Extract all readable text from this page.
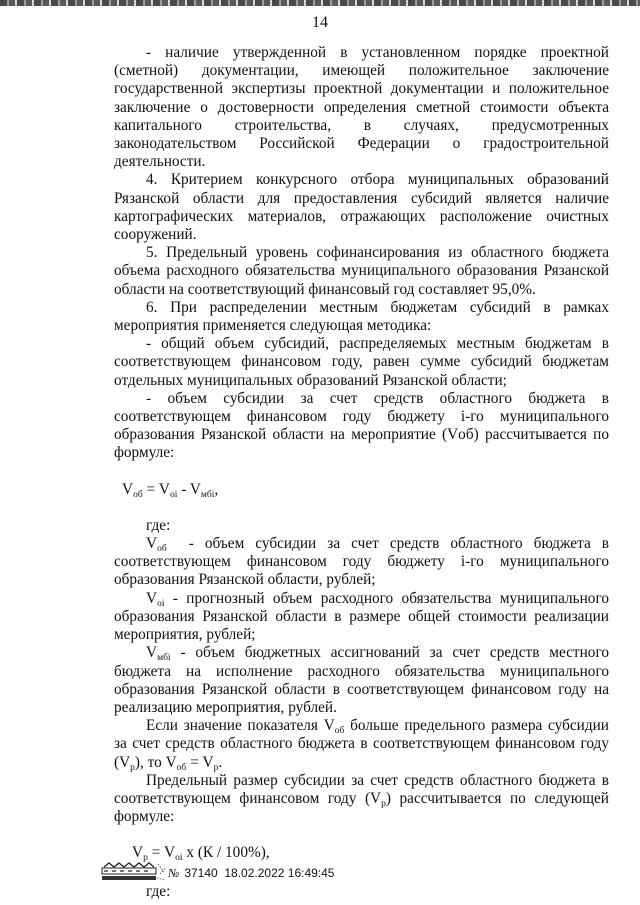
14

- наличие утвержденной в установленном порядке проектной (сметной) документации, имеющей положительное заключение государственной экспертизы проектной документации и положительное заключение о достоверности определения сметной стоимости объекта капитального строительства, в случаях, предусмотренных законодательством Российской Федерации о градостроительной деятельности.

4. Критерием конкурсного отбора муниципальных образований Рязанской области для предоставления субсидий является наличие картографических материалов, отражающих расположение очистных сооружений.

5. Предельный уровень софинансирования из областного бюджета объема расходного обязательства муниципального образования Рязанской области на соответствующий финансовый год составляет 95,0%.

6. При распределении местным бюджетам субсидий в рамках мероприятия применяется следующая методика:

- общий объем субсидий, распределяемых местным бюджетам в соответствующем финансовом году, равен сумме субсидий бюджетам отдельных муниципальных образований Рязанской области;

- объем субсидии за счет средств областного бюджета в соответствующем финансовом году бюджету i-го муниципального образования Рязанской области на мероприятие (Vоб) рассчитывается по формуле:

$V_{об} = V_{oi} - V_{мбi}$,

где:

$V_{об}$ - объем субсидии за счет средств областного бюджета в соответствующем финансовом году бюджету i-го муниципального образования Рязанской области, рублей;

$V_{oi}$ - прогнозный объем расходного обязательства муниципального образования Рязанской области в размере общей стоимости реализации мероприятия, рублей;

$V_{мбi}$ - объем бюджетных ассигнований за счет средств местного бюджета на исполнение расходного обязательства муниципального образования Рязанской области в соответствующем финансовом году на реализацию мероприятия, рублей.

Если значение показателя $V_{об}$ больше предельного размера субсидии за счет средств областного бюджета в соответствующем финансовом году $(V_р)$, то $V_{об} = V_р$.

Предельный размер субсидии за счет средств областного бюджета в соответствующем финансовом году $(V_р)$ рассчитывается по следующей формуле:

$V_р = V_{oi}$ х (К / 100%),

где:

№ 37140 18.02.2022 16:49:45
